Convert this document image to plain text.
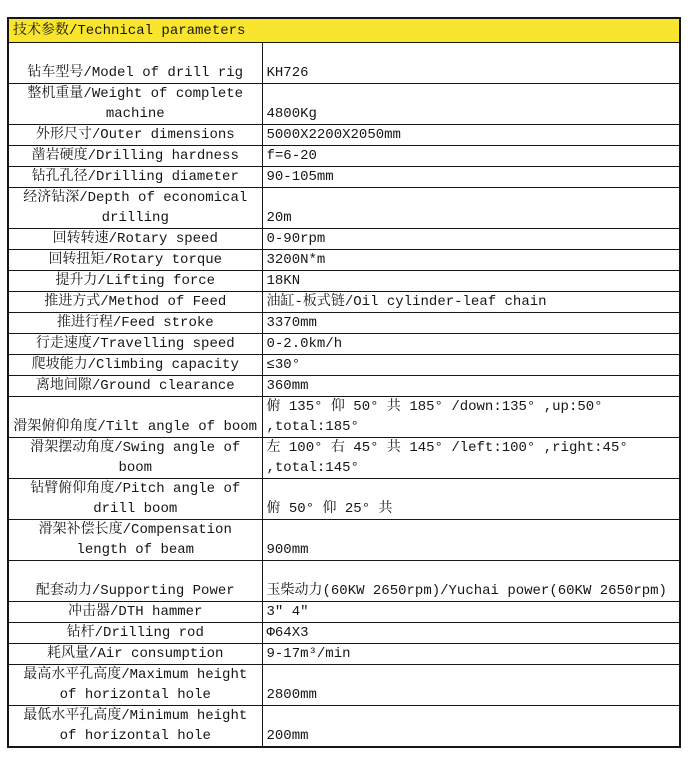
技术参数/Technical parameters	
钻车型号/Model of drill rig	KH726
整机重量/Weight of complete machine	4800Kg
外形尺寸/Outer dimensions	5000X2200X2050mm
凿岩硬度/Drilling hardness	f=6-20
钻孔孔径/Drilling diameter	90-105mm
经济钻深/Depth of economical drilling	20m
回转转速/Rotary speed	0-90rpm
回转扭矩/Rotary torque	3200N*m
提升力/Lifting force	18KN
推进方式/Method of Feed	油缸-板式链/Oil cylinder-leaf chain
推进行程/Feed stroke	3370mm
行走速度/Travelling speed	0-2.0km/h
爬坡能力/Climbing capacity	≤30°
离地间隙/Ground clearance	360mm
滑架俯仰角度/Tilt angle of boom	俯 135° 仰 50° 共 185° /down:135° ,up:50° ,total:185°
滑架摆动角度/Swing angle of boom	左 100° 右 45° 共 145° /left:100° ,right:45° ,total:145°
钻臂俯仰角度/Pitch angle of drill boom	俯 50° 仰 25° 共
滑架补偿长度/Compensation length of beam	900mm
配套动力/Supporting Power	玉柴动力(60KW 2650rpm)/Yuchai power(60KW 2650rpm)
冲击器/DTH hammer	3″ 4″
钻杆/Drilling rod	Φ64X3
耗风量/Air consumption	9-17m³/min
最高水平孔高度/Maximum height of horizontal hole	2800mm
最低水平孔高度/Minimum height of horizontal hole	200mm
